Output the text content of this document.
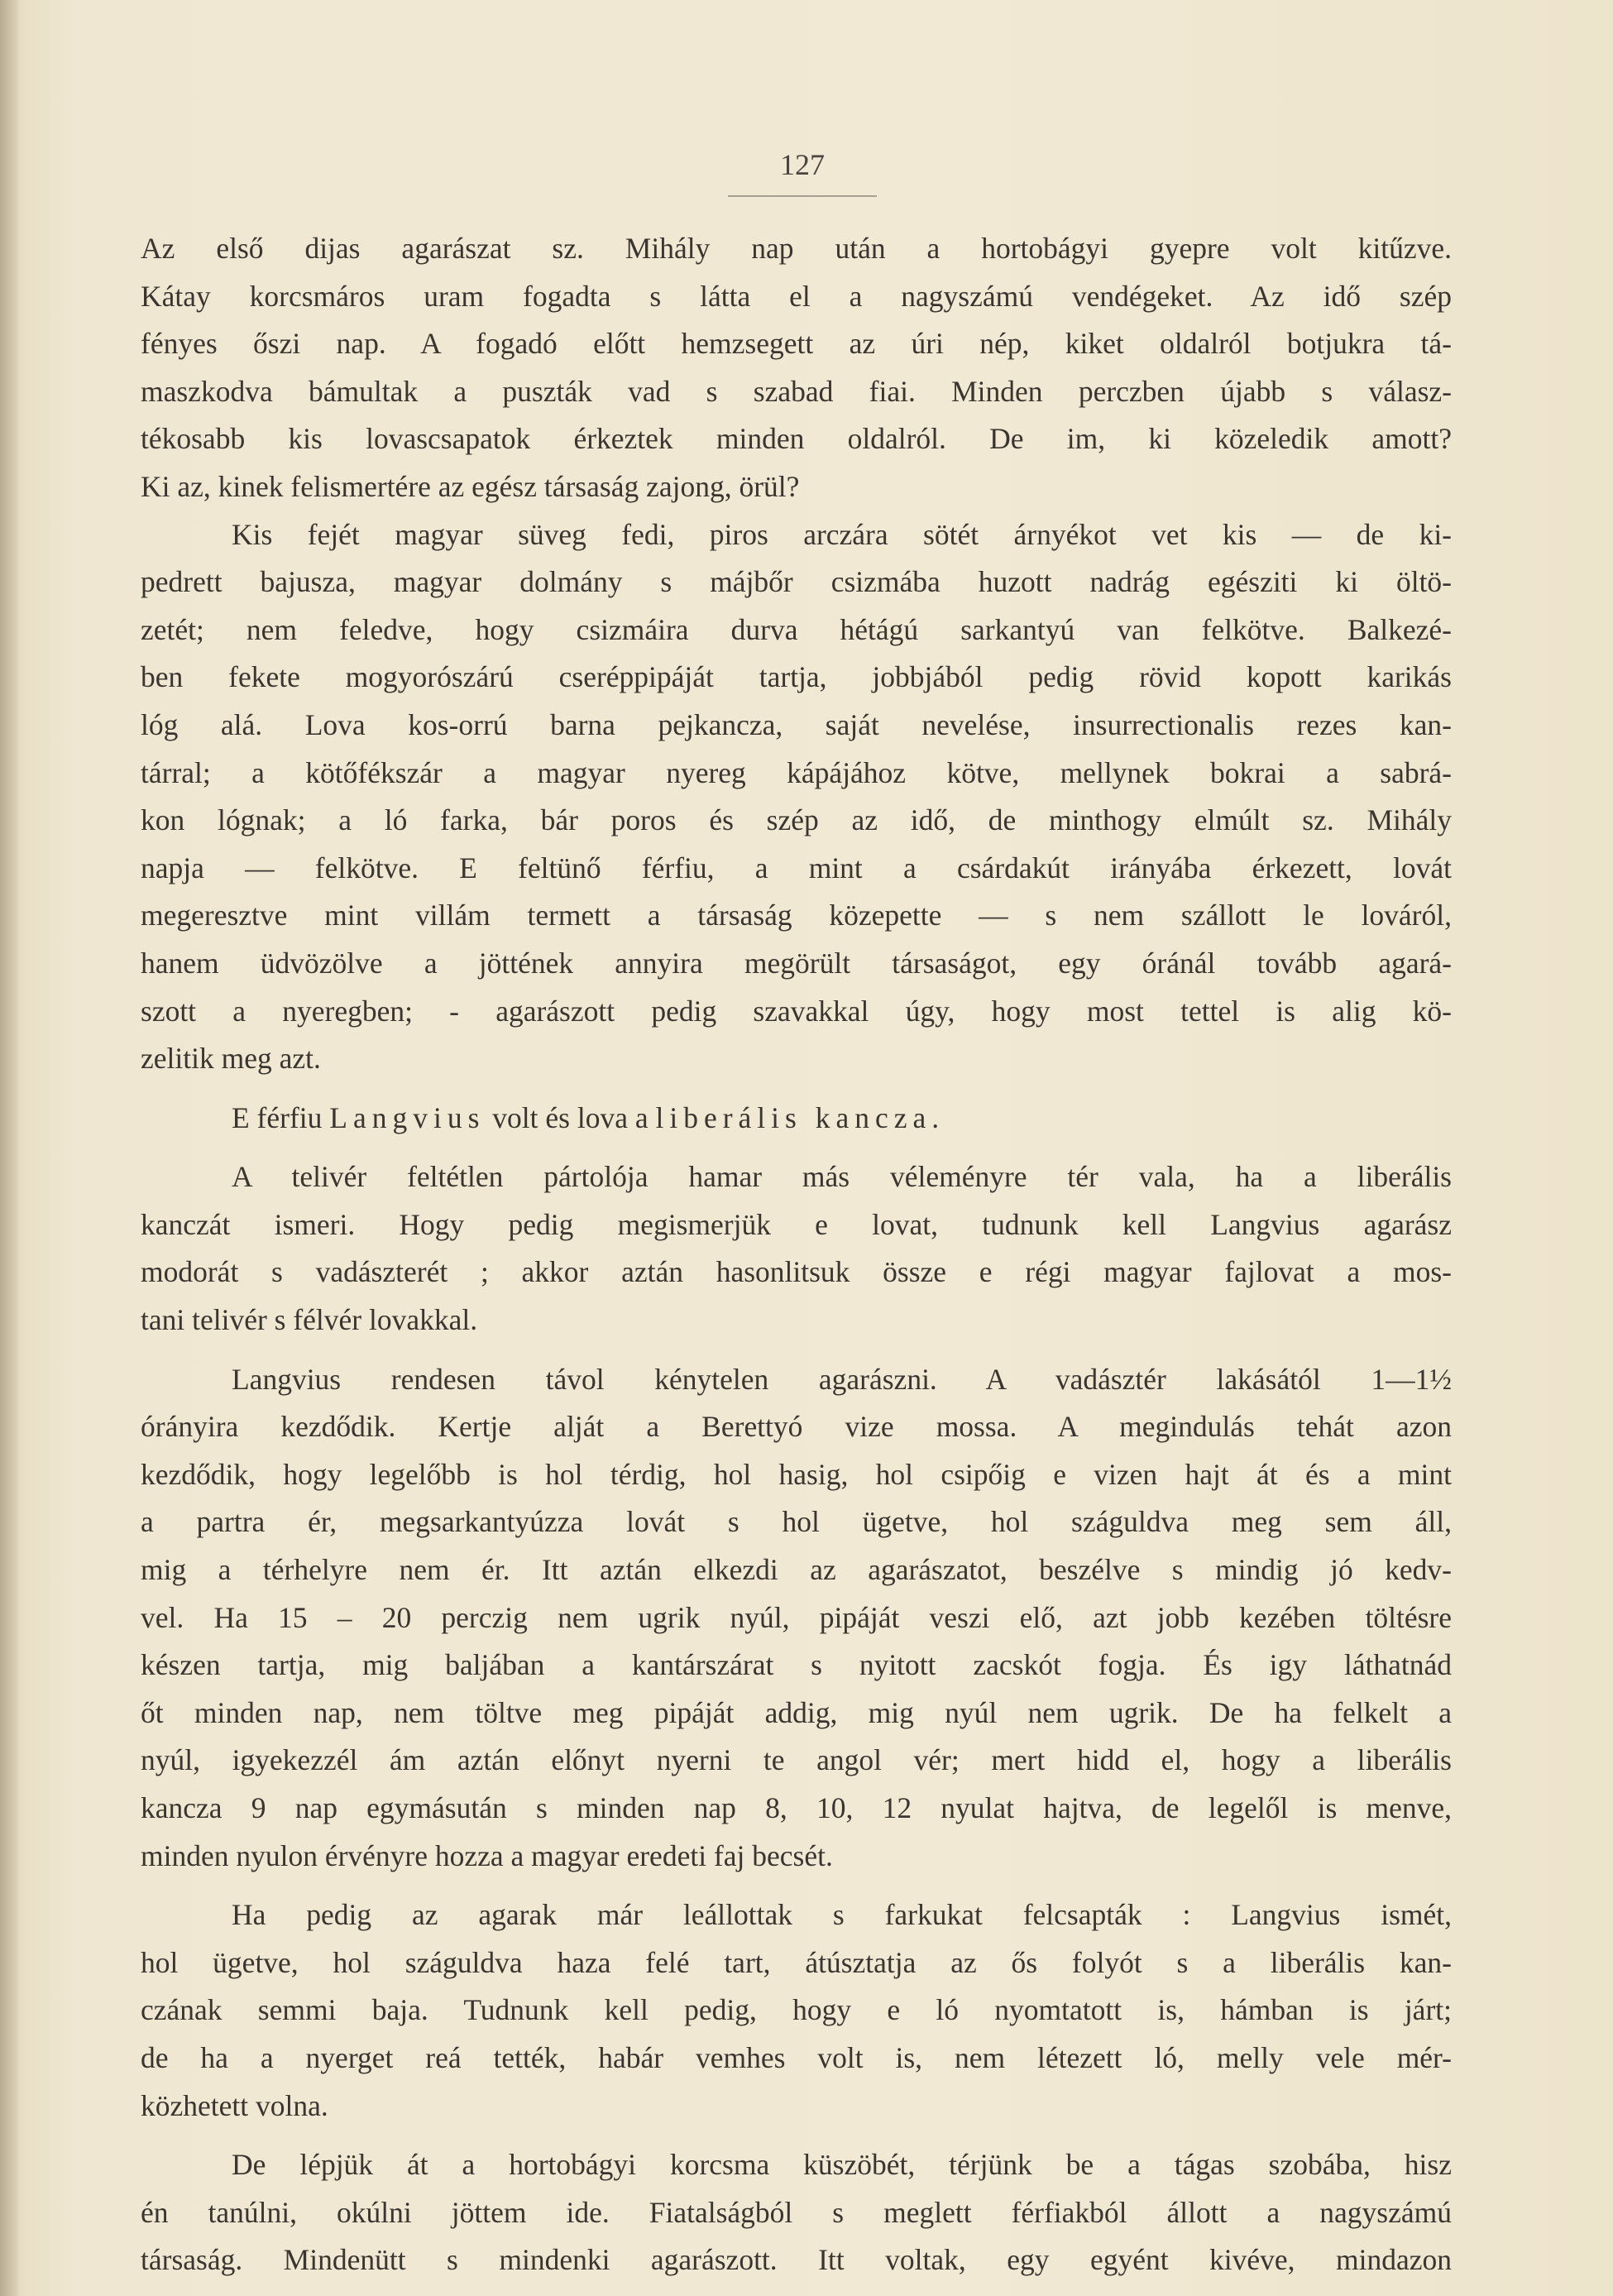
127

Az első dijas agarászat sz. Mihály nap után a hortobágyi gyepre volt kitűzve.
Kátay korcsmáros uram fogadta s látta el a nagyszámú vendégeket. Az idő szép
fényes őszi nap. A fogadó előtt hemzsegett az úri nép, kiket oldalról botjukra tá-
maszkodva bámultak a puszták vad s szabad fiai. Minden perczben újabb s válasz-
tékosabb kis lovascsapatok érkeztek minden oldalról. De im, ki közeledik amott?
Ki az, kinek felismertére az egész társaság zajong, örül?

Kis fejét magyar süveg fedi, piros arczára sötét árnyékot vet kis — de ki-
pedrett bajusza, magyar dolmány s májbőr csizmába huzott nadrág egésziti ki öltö-
zetét; nem feledve, hogy csizmáira durva hétágú sarkantyú van felkötve. Balkezé-
ben fekete mogyorószárú cseréppipáját tartja, jobbjából pedig rövid kopott karikás
lóg alá. Lova kos-orrú barna pejkancza, saját nevelése, insurrectionalis rezes kan-
tárral; a kötőfékszár a magyar nyereg kápájához kötve, mellynek bokrai a sabrá-
kon lógnak; a ló farka, bár poros és szép az idő, de minthogy elmúlt sz. Mihály
napja — felkötve. E feltünő férfiu, a mint a csárdakút irányába érkezett, lovát
megeresztve mint villám termett a társaság közepette — s nem szállott le lováról,
hanem üdvözölve a jöttének annyira megörült társaságot, egy óránál tovább agará-
szott a nyeregben; - agarászott pedig szavakkal úgy, hogy most tettel is alig kö-
zelitik meg azt.

E férfiu Langvius volt és lova a liberális kancza.

A telivér feltétlen pártolója hamar más véleményre tér vala, ha a liberális
kanczát ismeri. Hogy pedig megismerjük e lovat, tudnunk kell Langvius agarász
modorát s vadászterét ; akkor aztán hasonlitsuk össze e régi magyar fajlovat a mos-
tani telivér s félvér lovakkal.

Langvius rendesen távol kénytelen agarászni. A vadásztér lakásától 1—1½
órányira kezdődik. Kertje alját a Berettyó vize mossa. A megindulás tehát azon
kezdődik, hogy legelőbb is hol térdig, hol hasig, hol csipőig e vizen hajt át és a mint
a partra ér, megsarkantyúzza lovát s hol ügetve, hol száguldva meg sem áll,
mig a térhelyre nem ér. Itt aztán elkezdi az agarászatot, beszélve s mindig jó kedv-
vel. Ha 15 – 20 perczig nem ugrik nyúl, pipáját veszi elő, azt jobb kezében töltésre
készen tartja, mig baljában a kantárszárat s nyitott zacskót fogja. És igy láthatnád
őt minden nap, nem töltve meg pipáját addig, mig nyúl nem ugrik. De ha felkelt a
nyúl, igyekezzél ám aztán előnyt nyerni te angol vér; mert hidd el, hogy a liberális
kancza 9 nap egymásután s minden nap 8, 10, 12 nyulat hajtva, de legelől is menve,
minden nyulon érvényre hozza a magyar eredeti faj becsét.

Ha pedig az agarak már leállottak s farkukat felcsapták : Langvius ismét,
hol ügetve, hol száguldva haza felé tart, átúsztatja az ős folyót s a liberális kan-
czának semmi baja. Tudnunk kell pedig, hogy e ló nyomtatott is, hámban is járt;
de ha a nyerget reá tették, habár vemhes volt is, nem létezett ló, melly vele mér-
közhetett volna.

De lépjük át a hortobágyi korcsma küszöbét, térjünk be a tágas szobába, hisz
én tanúlni, okúlni jöttem ide. Fiatalságból s meglett férfiakból állott a nagyszámú
társaság. Mindenütt s mindenki agarászott. Itt voltak, egy egyént kivéve, mindazon
